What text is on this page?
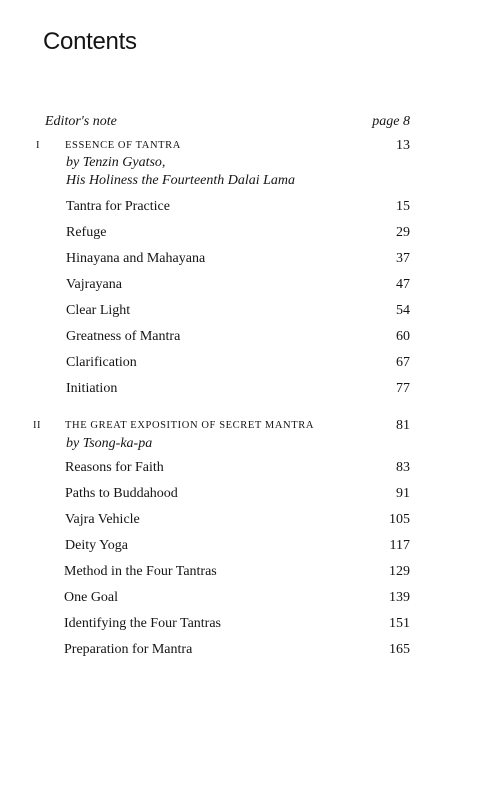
Contents
Editor's note	page 8
I ESSENCE OF TANTRA	13
by Tenzin Gyatso,
His Holiness the Fourteenth Dalai Lama
Tantra for Practice	15
Refuge	29
Hinayana and Mahayana	37
Vajrayana	47
Clear Light	54
Greatness of Mantra	60
Clarification	67
Initiation	77
II THE GREAT EXPOSITION OF SECRET MANTRA	81
by Tsong-ka-pa
Reasons for Faith	83
Paths to Buddahood	91
Vajra Vehicle	105
Deity Yoga	117
Method in the Four Tantras	129
One Goal	139
Identifying the Four Tantras	151
Preparation for Mantra	165
